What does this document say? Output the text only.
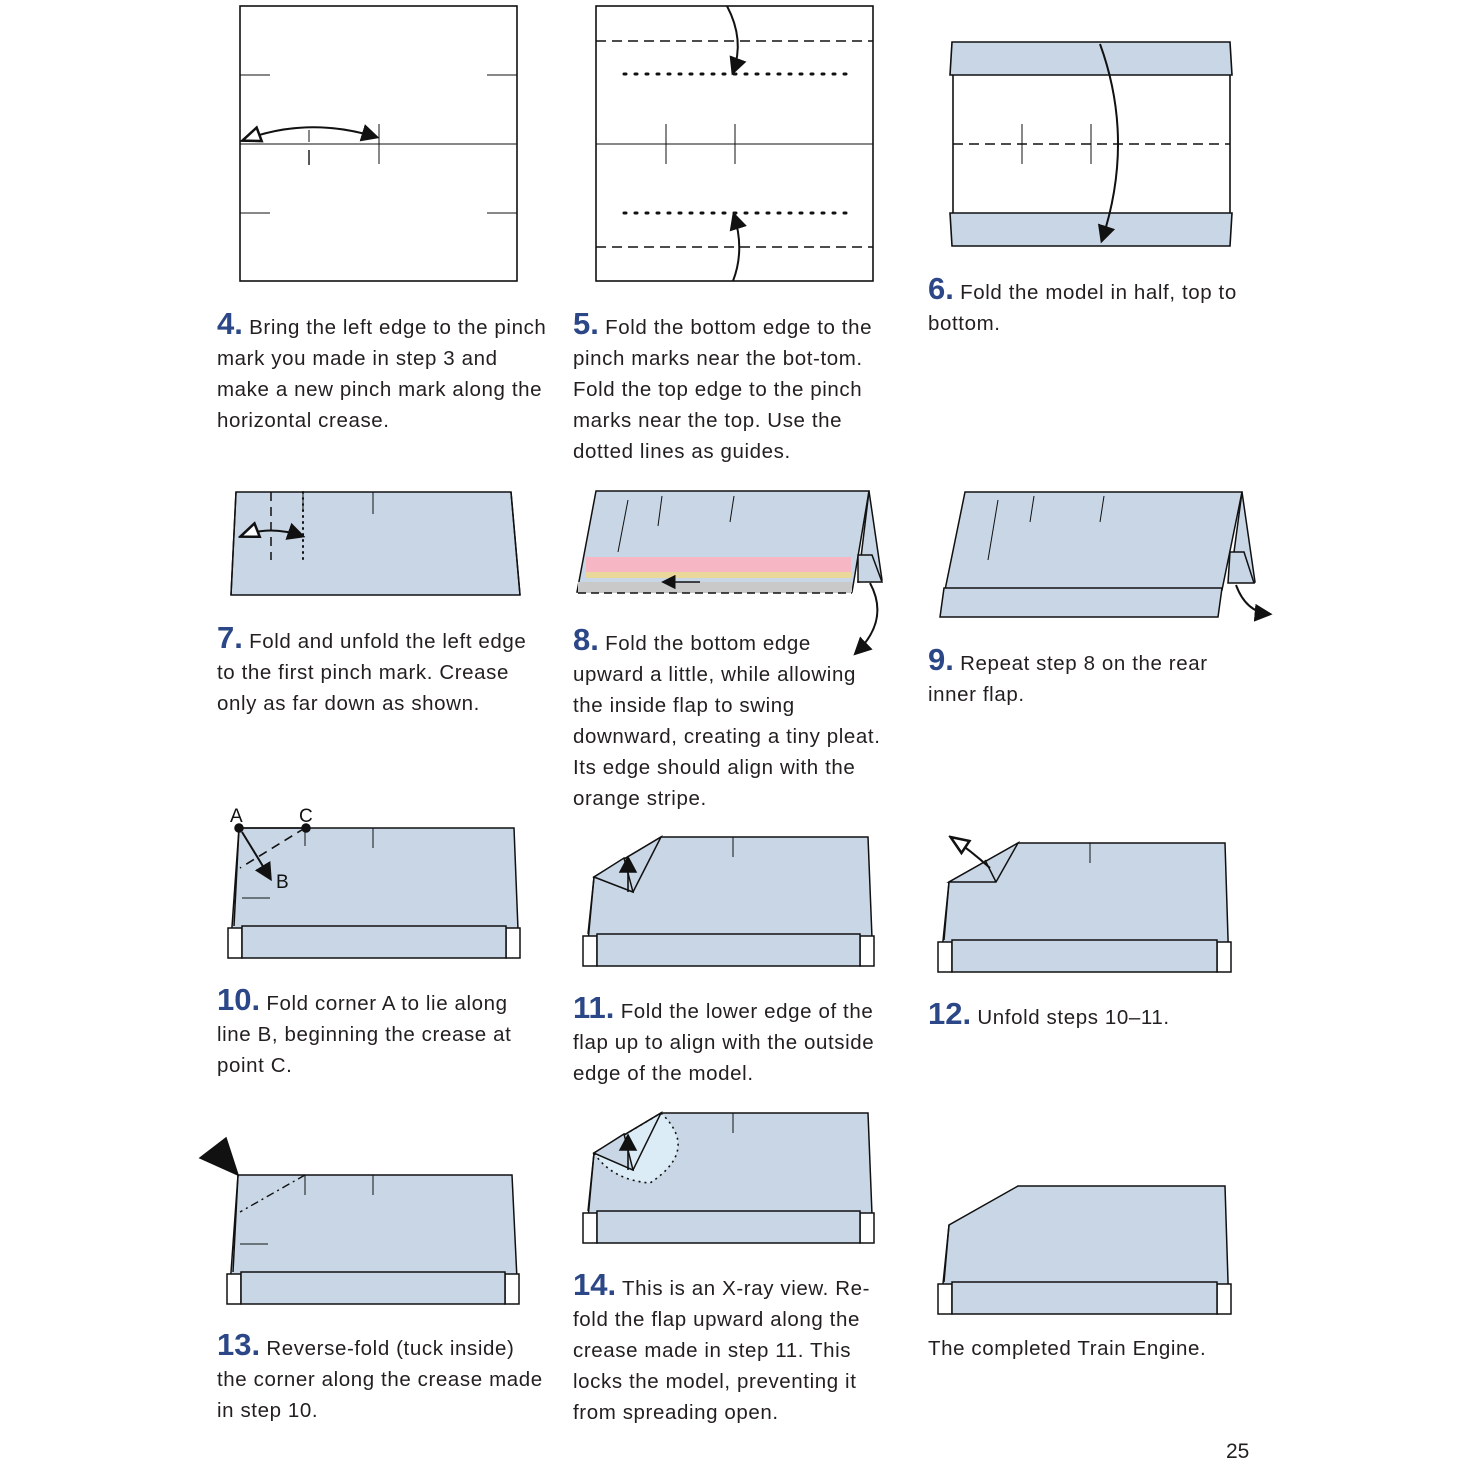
A	C
B
4. Bring the left edge to the pinch mark you made in step 3 and make a new pinch mark along the horizontal crease.
5. Fold the bottom edge to the pinch marks near the bot-tom. Fold the top edge to the pinch marks near the top. Use the dotted lines as guides.
6. Fold the model in half, top to bottom.
7. Fold and unfold the left edge to the first pinch mark. Crease only as far down as shown.
8. Fold the bottom edge upward a little, while allowing the inside flap to swing downward, creating a tiny pleat. Its edge should align with the orange stripe.
9. Repeat step 8 on the rear inner flap.
10. Fold corner A to lie along line B, beginning the crease at point C.
11. Fold the lower edge of the flap up to align with the outside edge of the model.
12. Unfold steps 10–11.
13. Reverse-fold (tuck inside) the corner along the crease made in step 10.
14. This is an X-ray view. Re-fold the flap upward along the crease made in step 11. This locks the model, preventing it from spreading open.
The completed Train Engine.
25
